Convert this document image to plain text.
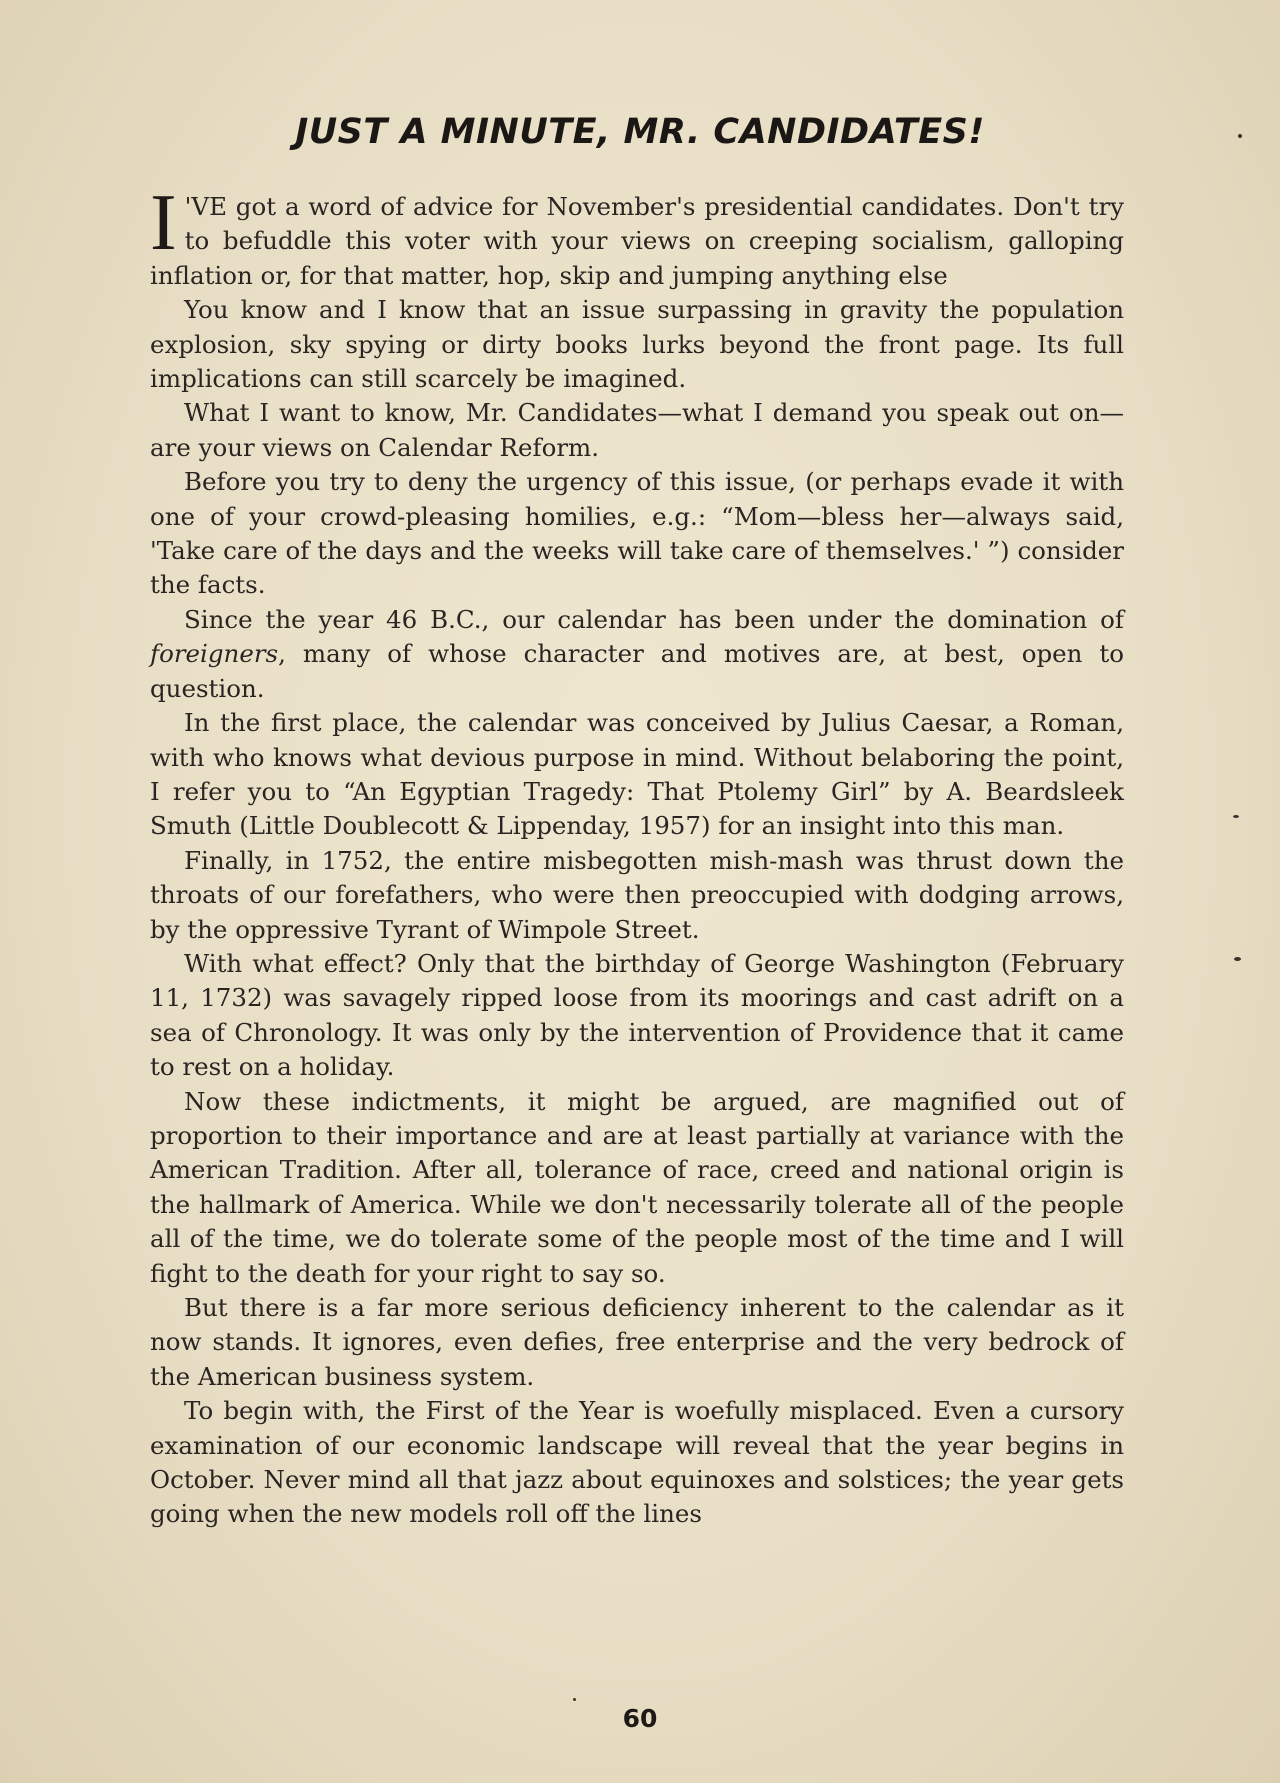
JUST A MINUTE, MR. CANDIDATES!

I 'VE got a word of advice for November's presidential candidates. Don't try to befuddle this voter with your views on creeping socialism, galloping inflation or, for that matter, hop, skip and jumping anything else

You know and I know that an issue surpassing in gravity the population explosion, sky spying or dirty books lurks beyond the front page. Its full implications can still scarcely be imagined.

What I want to know, Mr. Candidates—what I demand you speak out on—are your views on Calendar Reform.

Before you try to deny the urgency of this issue, (or perhaps evade it with one of your crowd-pleasing homilies, e.g.: “Mom—bless her—always said, 'Take care of the days and the weeks will take care of themselves.' ”) consider the facts.

Since the year 46 B.C., our calendar has been under the domination of foreigners, many of whose character and motives are, at best, open to question.

In the first place, the calendar was conceived by Julius Caesar, a Roman, with who knows what devious purpose in mind. Without belaboring the point, I refer you to “An Egyptian Tragedy: That Ptolemy Girl” by A. Beardsleek Smuth (Little Doublecott & Lippenday, 1957) for an insight into this man.

Finally, in 1752, the entire misbegotten mish-mash was thrust down the throats of our forefathers, who were then preoccupied with dodging arrows, by the oppressive Tyrant of Wimpole Street.

With what effect? Only that the birthday of George Washington (February 11, 1732) was savagely ripped loose from its moorings and cast adrift on a sea of Chronology. It was only by the intervention of Providence that it came to rest on a holiday.

Now these indictments, it might be argued, are magnified out of proportion to their importance and are at least partially at variance with the American Tradition. After all, tolerance of race, creed and national origin is the hallmark of America. While we don't necessarily tolerate all of the people all of the time, we do tolerate some of the people most of the time and I will fight to the death for your right to say so.

But there is a far more serious deficiency inherent to the calendar as it now stands. It ignores, even defies, free enterprise and the very bedrock of the American business system.

To begin with, the First of the Year is woefully misplaced. Even a cursory examination of our economic landscape will reveal that the year begins in October. Never mind all that jazz about equinoxes and solstices; the year gets going when the new models roll off the lines

60
